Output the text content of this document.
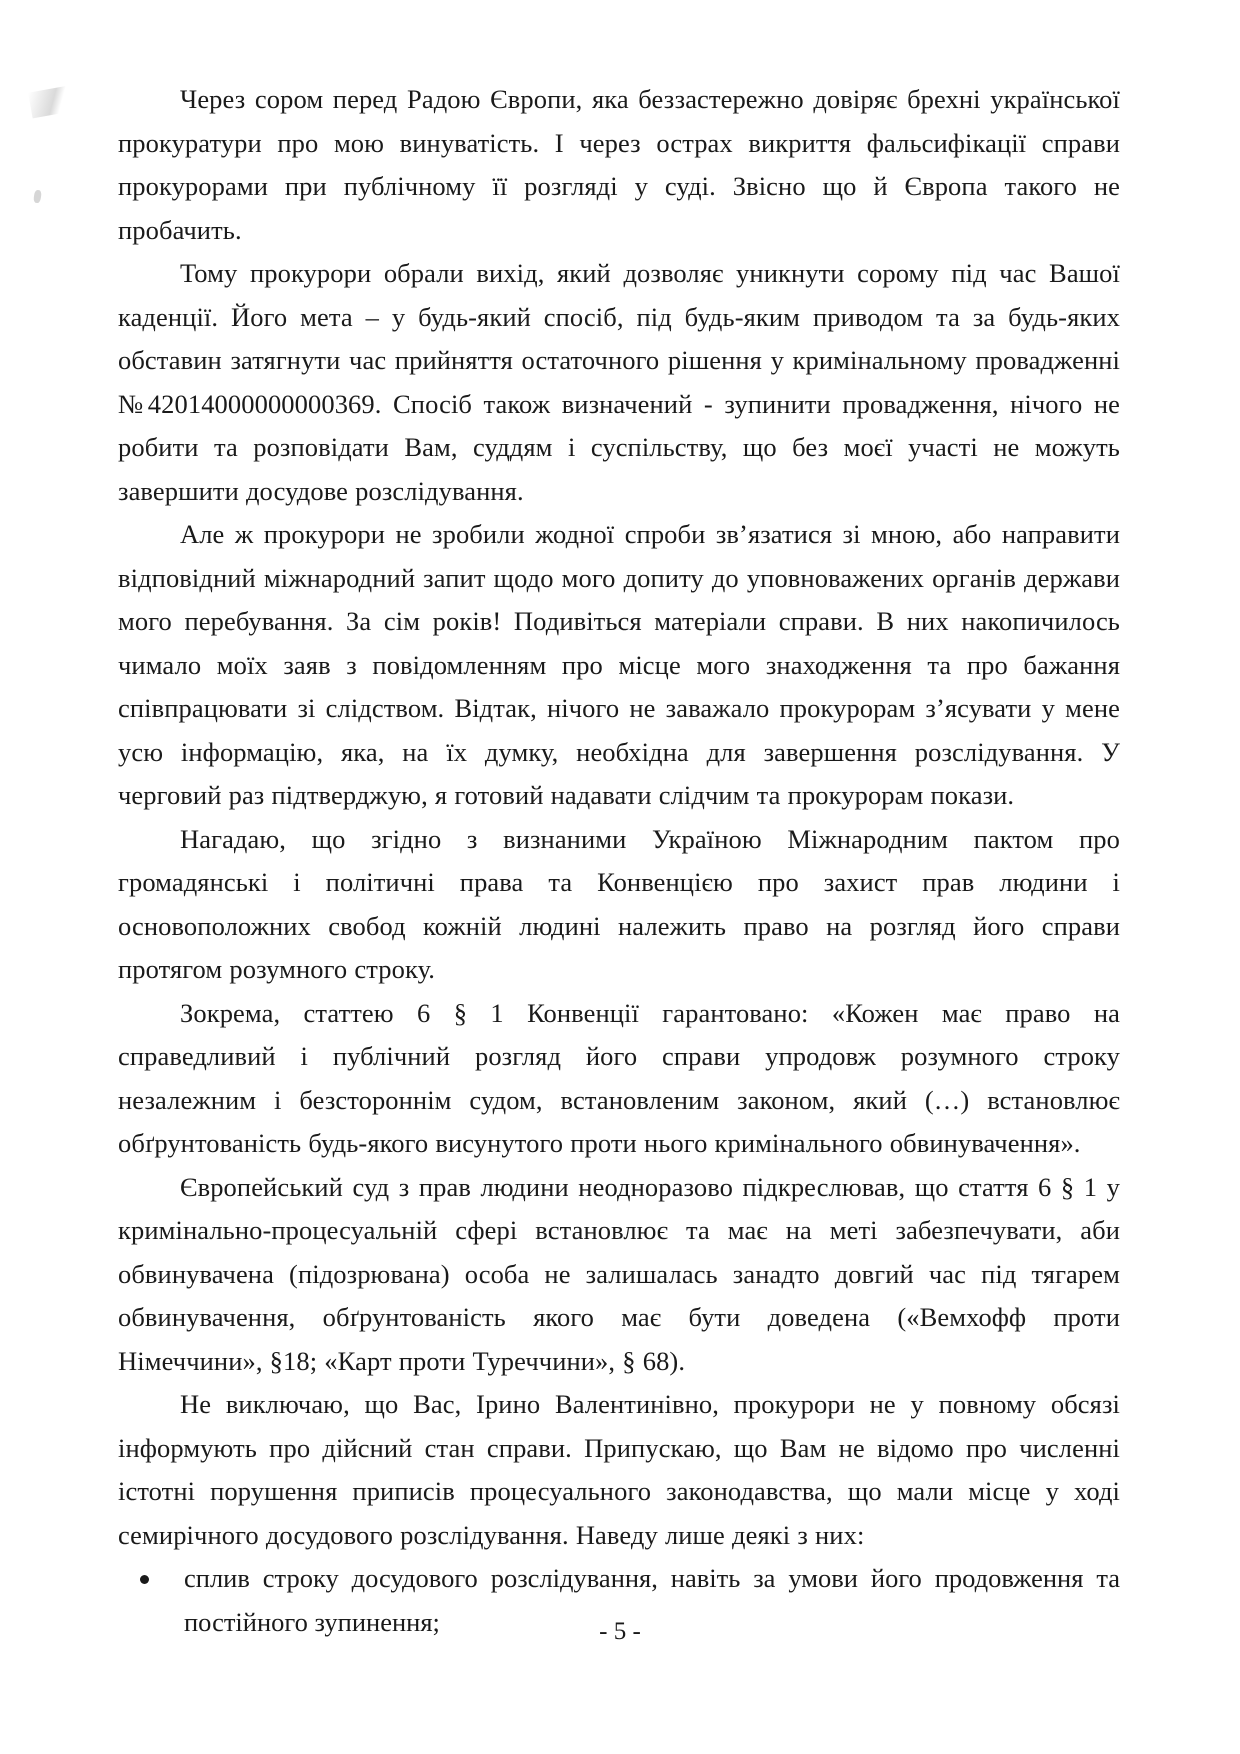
Через сором перед Радою Європи, яка беззастережно довіряє брехні української прокуратури про мою винуватість. І через острах викриття фальсифікації справи прокурорами при публічному її розгляді у суді. Звісно що й Європа такого не пробачить.

Тому прокурори обрали вихід, який дозволяє уникнути сорому під час Вашої каденції. Його мета – у будь-який спосіб, під будь-яким приводом та за будь-яких обставин затягнути час прийняття остаточного рішення у кримінальному провадженні №42014000000000369. Спосіб також визначений - зупинити провадження, нічого не робити та розповідати Вам, суддям і суспільству, що без моєї участі не можуть завершити досудове розслідування.

Але ж прокурори не зробили жодної спроби зв’язатися зі мною, або направити відповідний міжнародний запит щодо мого допиту до уповноважених органів держави мого перебування. За сім років! Подивіться матеріали справи. В них накопичилось чимало моїх заяв з повідомленням про місце мого знаходження та про бажання співпрацювати зі слідством. Відтак, нічого не заважало прокурорам з’ясувати у мене усю інформацію, яка, на їх думку, необхідна для завершення розслідування. У черговий раз підтверджую, я готовий надавати слідчим та прокурорам покази.

Нагадаю, що згідно з визнаними Україною Міжнародним пактом про громадянські і політичні права та Конвенцією про захист прав людини і основоположних свобод кожній людині належить право на розгляд його справи протягом розумного строку.

Зокрема, статтею 6 § 1 Конвенції гарантовано: «Кожен має право на справедливий і публічний розгляд його справи упродовж розумного строку незалежним і безстороннім судом, встановленим законом, який (…) встановлює обґрунтованість будь-якого висунутого проти нього кримінального обвинувачення».

Європейський суд з прав людини неодноразово підкреслював, що стаття 6 § 1 у кримінально-процесуальній сфері встановлює та має на меті забезпечувати, аби обвинувачена (підозрювана) особа не залишалась занадто довгий час під тягарем обвинувачення, обґрунтованість якого має бути доведена («Вемхофф проти Німеччини», §18; «Карт проти Туреччини», § 68).

Не виключаю, що Вас, Ірино Валентинівно, прокурори не у повному обсязі інформують про дійсний стан справи. Припускаю, що Вам не відомо про численні істотні порушення приписів процесуального законодавства, що мали місце у ході семирічного досудового розслідування. Наведу лише деякі з них:

сплив строку досудового розслідування, навіть за умови його продовження та постійного зупинення;	- 5 -
